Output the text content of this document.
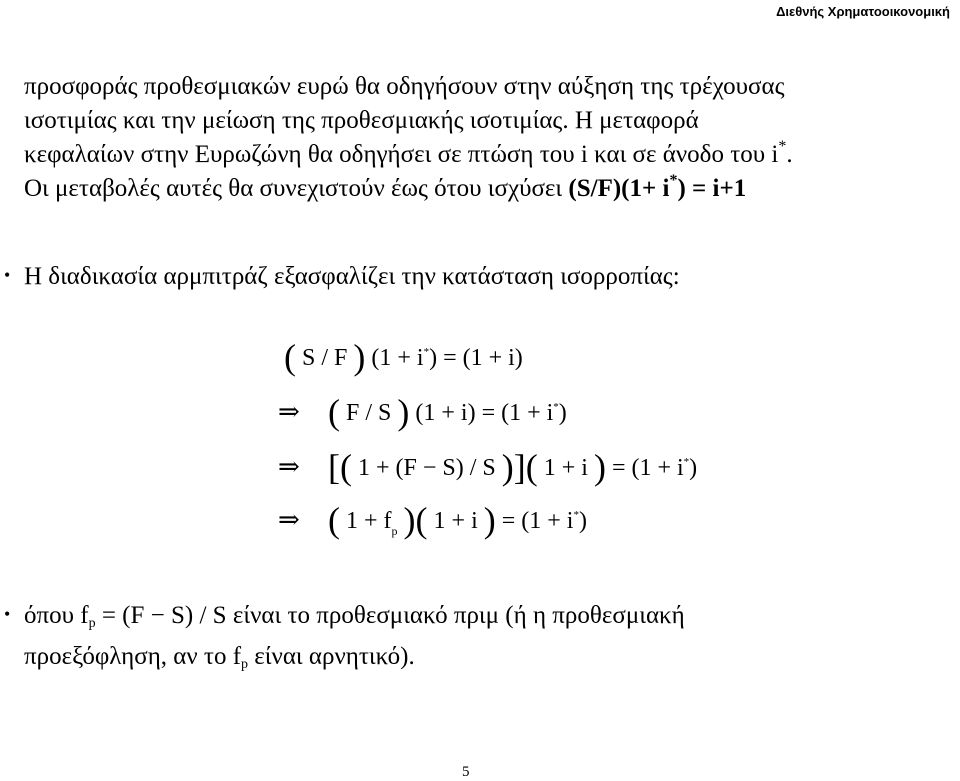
Διεθνής Χρηματοοικονομική
προσφοράς προθεσμιακών ευρώ θα οδηγήσουν στην αύξηση της τρέχουσας
ισοτιμίας και την μείωση της προθεσμιακής ισοτιμίας. Η μεταφορά
κεφαλαίων στην Ευρωζώνη θα οδηγήσει σε πτώση του i και σε άνοδο του i*.
Οι μεταβολές αυτές θα συνεχιστούν έως ότου ισχύσει (S/F)(1+ i*) = i+1
• Η διαδικασία αρμπιτράζ εξασφαλίζει την κατάσταση ισορροπίας:
( S / F ) (1 + i*) = (1 + i)
⇒ ( F / S ) (1 + i) = (1 + i*)
⇒ [( 1 + (F − S) / S )]( 1 + i ) = (1 + i*)
⇒ ( $1 + f_p$ )( 1 + i ) = (1 + i*)
• όπου $f_p = (F - S) / S$ είναι το προθεσμιακό πριμ (ή η προθεσμιακή
προεξόφληση, αν το $f_p$ είναι αρνητικό).
5
